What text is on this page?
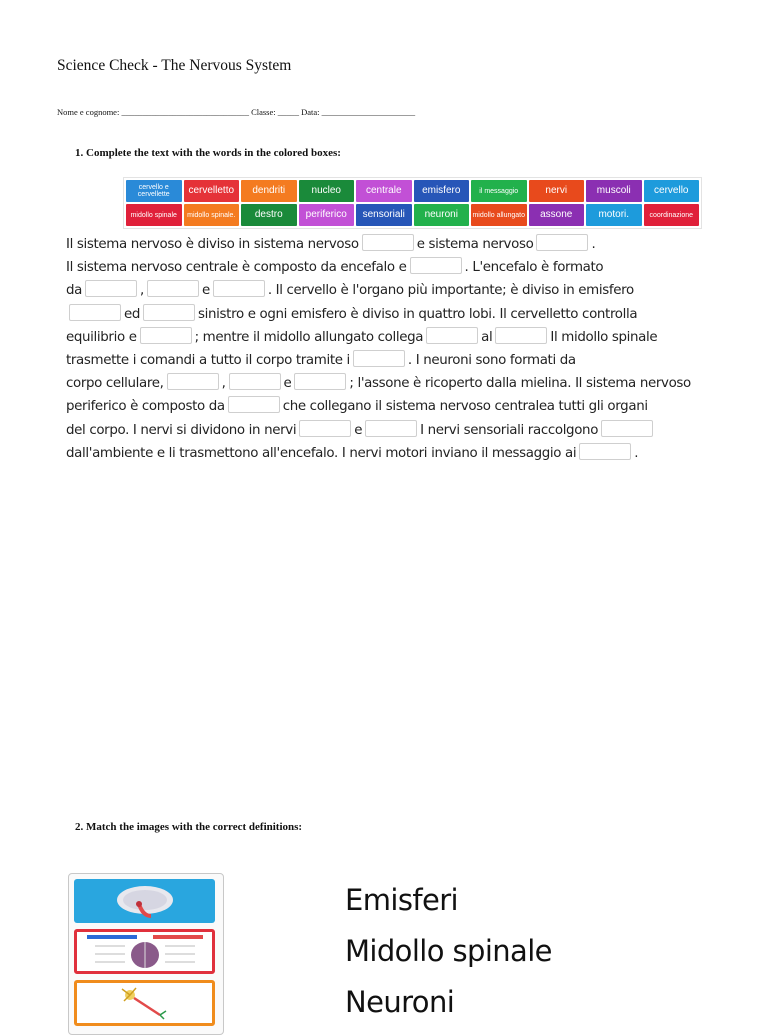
Science Check - The Nervous System
Nome e cognome: ______________________________ Classe: _____ Data: ______________________
1. Complete the text with the words in the colored boxes:
cervello e cervellette	cervelletto	dendriti	nucleo	centrale	emisfero	il messaggio	nervi	muscoli	cervello
midollo spinale	midollo spinale.	destro	periferico	sensoriali	neuroni	midollo allungato	assone	motori.	coordinazione
Il sistema nervoso è diviso in sistema nervoso	e sistema nervoso	.
Il sistema nervoso centrale è composto da encefalo e	. L'encefalo è formato
da	,	e	. Il cervello è l'organo più importante; è diviso in emisfero
ed	sinistro e ogni emisfero è diviso in quattro lobi. Il cervelletto controlla
equilibrio e	; mentre il midollo allungato collega	al	Il midollo spinale
trasmette i comandi a tutto il corpo tramite i	. I neuroni sono formati da
corpo cellulare,	,	e	; l'assone è ricoperto dalla mielina. Il sistema nervoso
periferico è composto da	che collegano il sistema nervoso centralea tutti gli organi
del corpo. I nervi si dividono in nervi	e	I nervi sensoriali raccolgono
dall'ambiente e li trasmettono all'encefalo. I nervi motori inviano il messaggio ai	.
2. Match the images with the correct definitions:
Emisferi
Midollo spinale
Neuroni
